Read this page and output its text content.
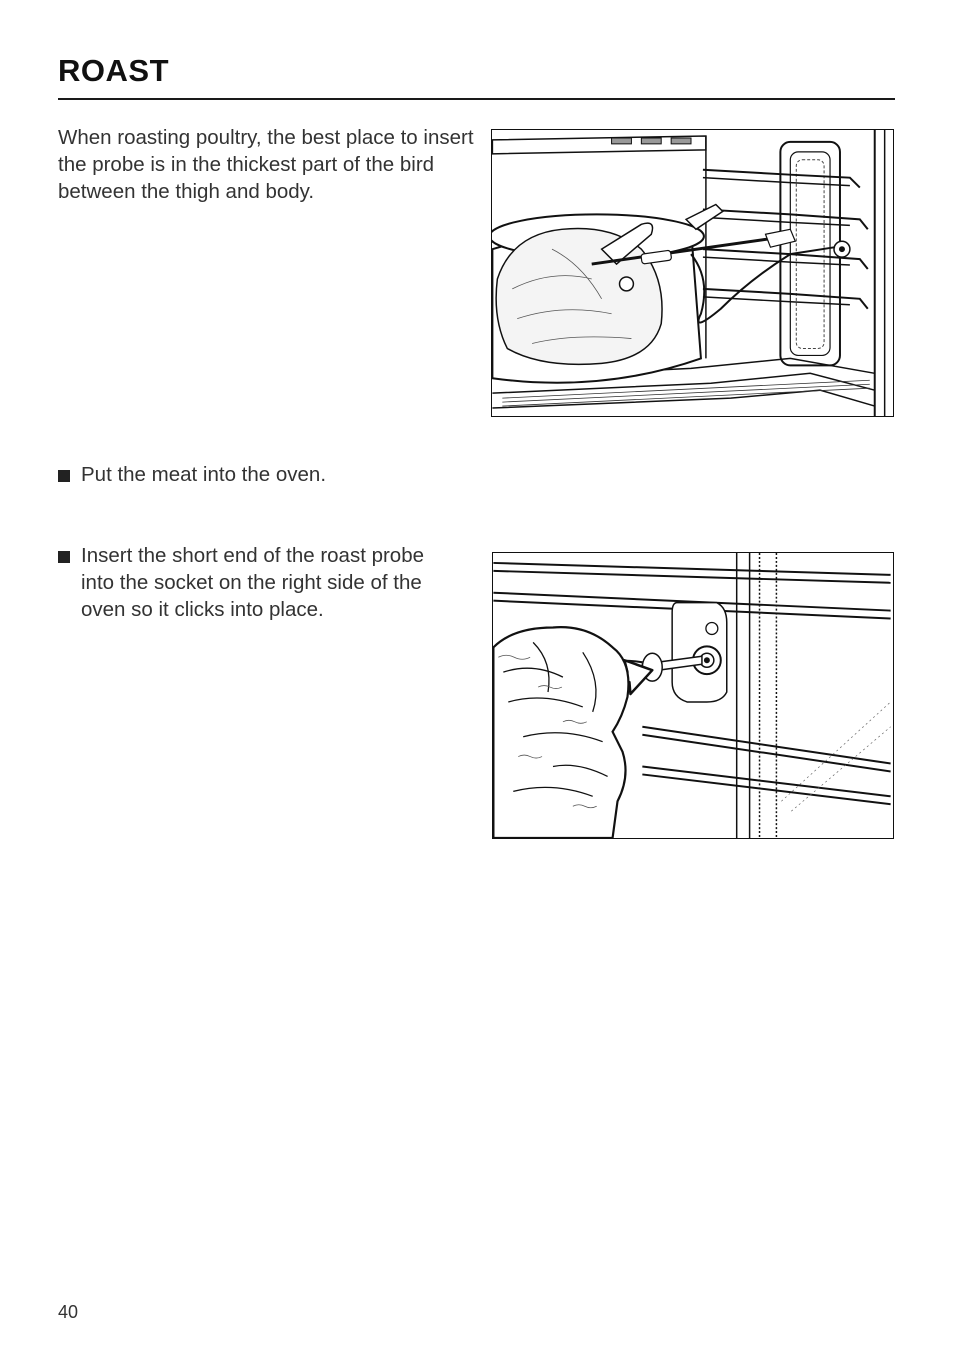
ROAST

When roasting poultry, the best place to insert the probe is in the thickest part of the bird between the thigh and body.

Put the meat into the oven.
Insert the short end of the roast probe into the socket on the right side of the oven so it clicks into place.
40
